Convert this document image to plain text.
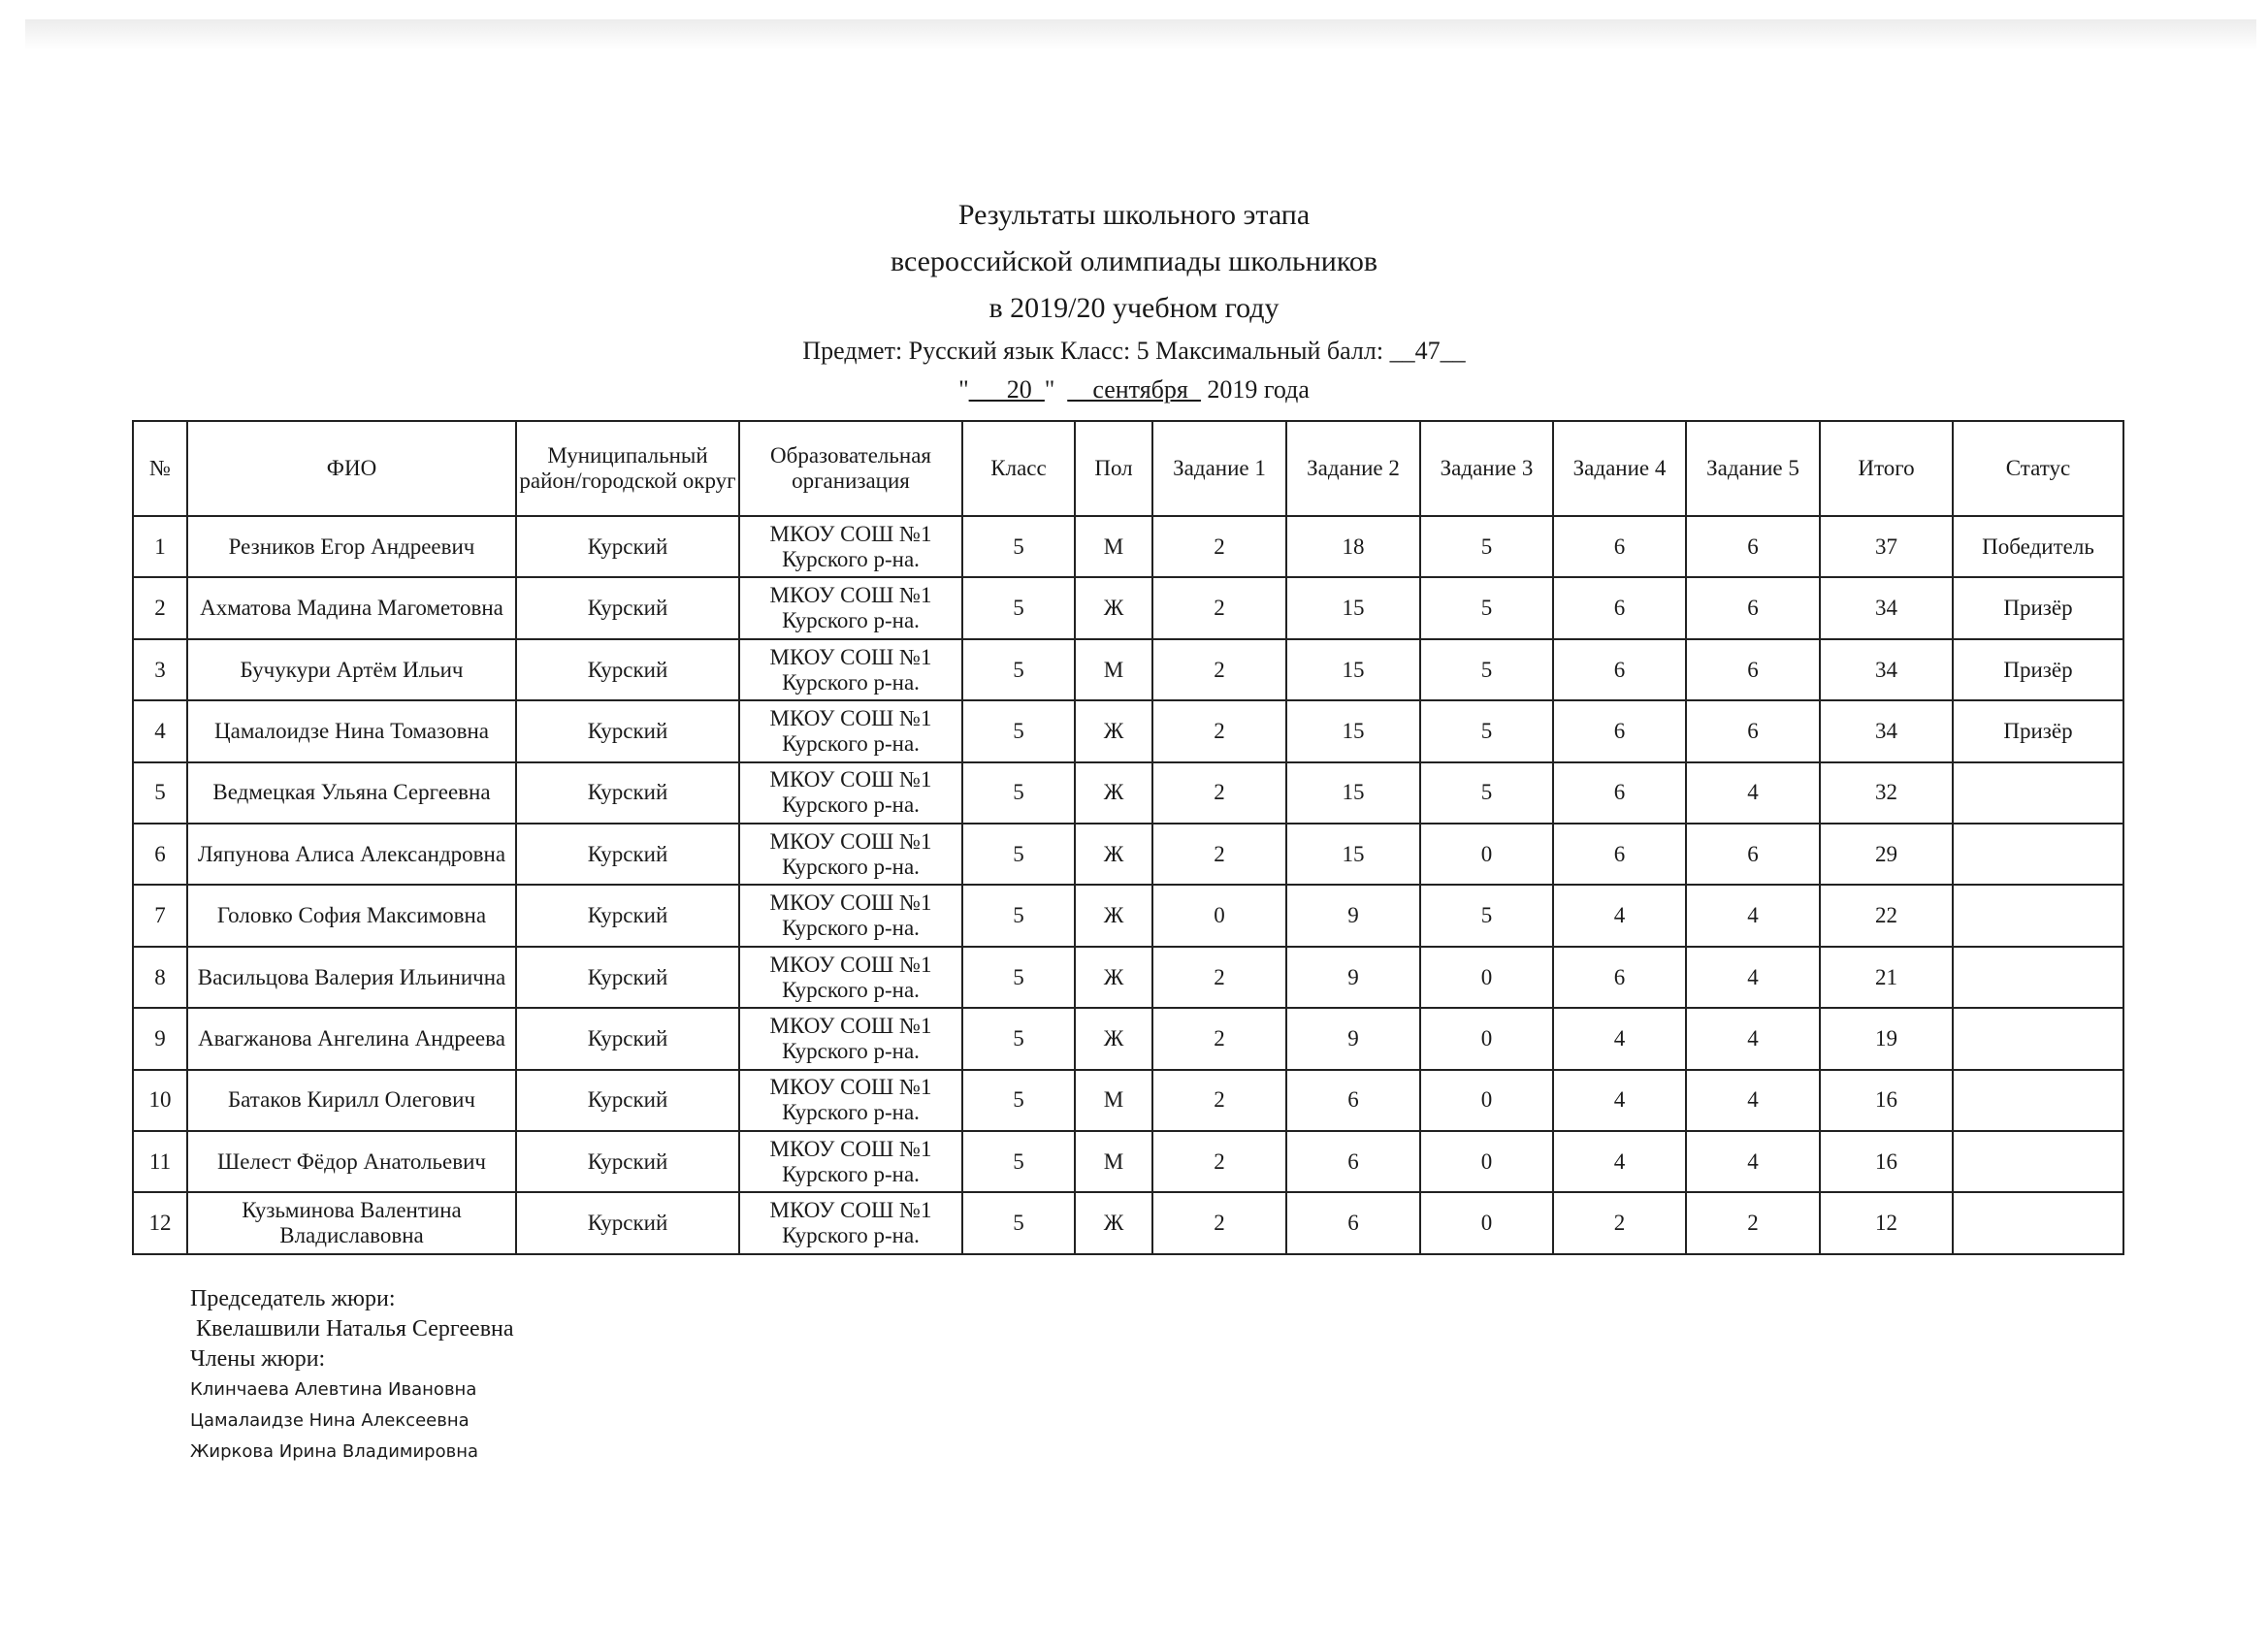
Результаты школьного этапа
всероссийской олимпиады школьников
в 2019/20 учебном году
Предмет: Русский язык Класс: 5 Максимальный балл: __47__
"___20_"  __сентября_ 2019 года
№	ФИО	Муниципальный район/городской округ	Образовательная организация	Класс	Пол	Задание 1	Задание 2	Задание 3	Задание 4	Задание 5	Итого	Статус
1	Резников Егор Андреевич	Курский	МКОУ СОШ №1 Курского р-на.	5	М	2	18	5	6	6	37	Победитель
2	Ахматова Мадина Магометовна	Курский	МКОУ СОШ №1 Курского р-на.	5	Ж	2	15	5	6	6	34	Призёр
3	Бучукури Артём Ильич	Курский	МКОУ СОШ №1 Курского р-на.	5	М	2	15	5	6	6	34	Призёр
4	Цамалоидзе Нина Томазовна	Курский	МКОУ СОШ №1 Курского р-на.	5	Ж	2	15	5	6	6	34	Призёр
5	Ведмецкая Ульяна Сергеевна	Курский	МКОУ СОШ №1 Курского р-на.	5	Ж	2	15	5	6	4	32	
6	Ляпунова Алиса Александровна	Курский	МКОУ СОШ №1 Курского р-на.	5	Ж	2	15	0	6	6	29	
7	Головко София Максимовна	Курский	МКОУ СОШ №1 Курского р-на.	5	Ж	0	9	5	4	4	22	
8	Васильцова Валерия Ильинична	Курский	МКОУ СОШ №1 Курского р-на.	5	Ж	2	9	0	6	4	21	
9	Авагжанова Ангелина Андреева	Курский	МКОУ СОШ №1 Курского р-на.	5	Ж	2	9	0	4	4	19	
10	Батаков Кирилл Олегович	Курский	МКОУ СОШ №1 Курского р-на.	5	М	2	6	0	4	4	16	
11	Шелест Фёдор Анатольевич	Курский	МКОУ СОШ №1 Курского р-на.	5	М	2	6	0	4	4	16	
12	Кузьминова Валентина Владиславовна	Курский	МКОУ СОШ №1 Курского р-на.	5	Ж	2	6	0	2	2	12	
Председатель жюри:
Квелашвили Наталья Сергеевна
Члены жюри:
Клинчаева Алевтина Ивановна
Цамалаидзе Нина Алексеевна
Жиркова Ирина Владимировна
